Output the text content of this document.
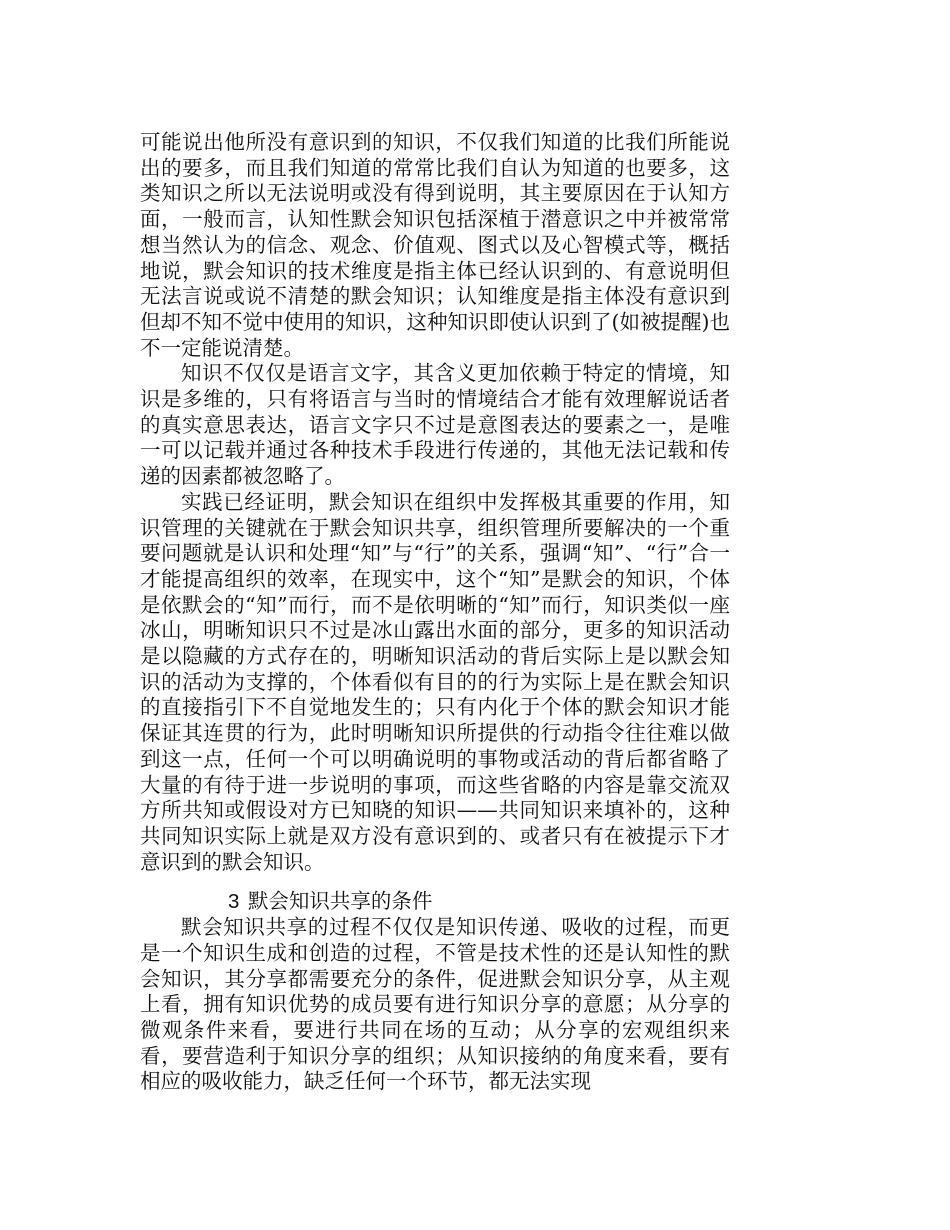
可能说出他所没有意识到的知识，不仅我们知道的比我们所能说出的要多，而且我们知道的常常比我们自认为知道的也要多，这类知识之所以无法说明或没有得到说明，其主要原因在于认知方面，一般而言，认知性默会知识包括深植于潜意识之中并被常常想当然认为的信念、观念、价值观、图式以及心智模式等，概括地说，默会知识的技术维度是指主体已经认识到的、有意说明但无法言说或说不清楚的默会知识；认知维度是指主体没有意识到但却不知不觉中使用的知识，这种知识即使认识到了(如被提醒)也不一定能说清楚。

知识不仅仅是语言文字，其含义更加依赖于特定的情境，知识是多维的，只有将语言与当时的情境结合才能有效理解说话者的真实意思表达，语言文字只不过是意图表达的要素之一，是唯一可以记载并通过各种技术手段进行传递的，其他无法记载和传递的因素都被忽略了。

实践已经证明，默会知识在组织中发挥极其重要的作用，知识管理的关键就在于默会知识共享，组织管理所要解决的一个重要问题就是认识和处理“知”与“行”的关系，强调“知”、“行”合一才能提高组织的效率，在现实中，这个“知”是默会的知识，个体是依默会的“知”而行，而不是依明晰的“知”而行，知识类似一座冰山，明晰知识只不过是冰山露出水面的部分，更多的知识活动是以隐藏的方式存在的，明晰知识活动的背后实际上是以默会知识的活动为支撑的，个体看似有目的的行为实际上是在默会知识的直接指引下不自觉地发生的；只有内化于个体的默会知识才能保证其连贯的行为，此时明晰知识所提供的行动指令往往难以做到这一点，任何一个可以明确说明的事物或活动的背后都省略了大量的有待于进一步说明的事项，而这些省略的内容是靠交流双方所共知或假设对方已知晓的知识——共同知识来填补的，这种共同知识实际上就是双方没有意识到的、或者只有在被提示下才意识到的默会知识。

3 默会知识共享的条件

默会知识共享的过程不仅仅是知识传递、吸收的过程，而更是一个知识生成和创造的过程，不管是技术性的还是认知性的默会知识，其分享都需要充分的条件，促进默会知识分享，从主观上看，拥有知识优势的成员要有进行知识分享的意愿；从分享的微观条件来看，要进行共同在场的互动；从分享的宏观组织来看，要营造利于知识分享的组织；从知识接纳的角度来看，要有相应的吸收能力，缺乏任何一个环节，都无法实现
